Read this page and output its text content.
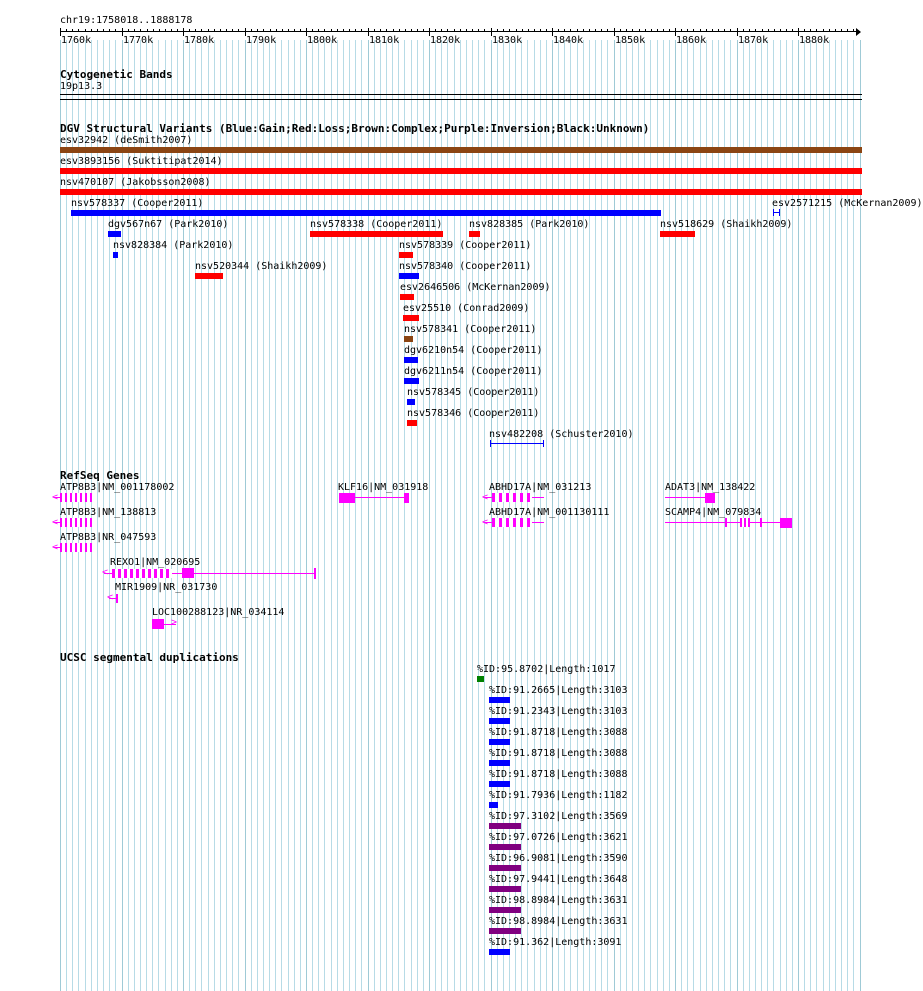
chr19:1758018..1888178
1760k	1770k	1780k	1790k	1800k	1810k	1820k	1830k	1840k	1850k	1860k	1870k	1880k
Cytogenetic Bands
19p13.3
DGV Structural Variants (Blue:Gain;Red:Loss;Brown:Complex;Purple:Inversion;Black:Unknown)
esv32942 (deSmith2007)
esv3893156 (Suktitipat2014)
nsv470107 (Jakobsson2008)
nsv578337 (Cooper2011)	esv2571215 (McKernan2009)
dgv567n67 (Park2010)	nsv578338 (Cooper2011)	nsv828385 (Park2010)	nsv518629 (Shaikh2009)
nsv828384 (Park2010)	nsv578339 (Cooper2011)
nsv520344 (Shaikh2009)	nsv578340 (Cooper2011)
esv2646506 (McKernan2009)
esv25510 (Conrad2009)
nsv578341 (Cooper2011)
dgv6210n54 (Cooper2011)
dgv6211n54 (Cooper2011)
nsv578345 (Cooper2011)
nsv578346 (Cooper2011)
nsv482208 (Schuster2010)
RefSeq Genes
ATP8B3|NM_001178002
<
KLF16|NM_031918	ABHD17A|NM_031213
<
ADAT3|NM_138422
ATP8B3|NM_138813
<
ABHD17A|NM_001130111
<
SCAMP4|NM_079834
ATP8B3|NR_047593
<
REXO1|NM_020695
<
MIR1909|NR_031730
<
LOC100288123|NR_034114
>
UCSC segmental duplications
%ID:95.8702|Length:1017
%ID:91.2665|Length:3103
%ID:91.2343|Length:3103
%ID:91.8718|Length:3088
%ID:91.8718|Length:3088
%ID:91.8718|Length:3088
%ID:91.7936|Length:1182
%ID:97.3102|Length:3569
%ID:97.0726|Length:3621
%ID:96.9081|Length:3590
%ID:97.9441|Length:3648
%ID:98.8984|Length:3631
%ID:98.8984|Length:3631
%ID:91.362|Length:3091
